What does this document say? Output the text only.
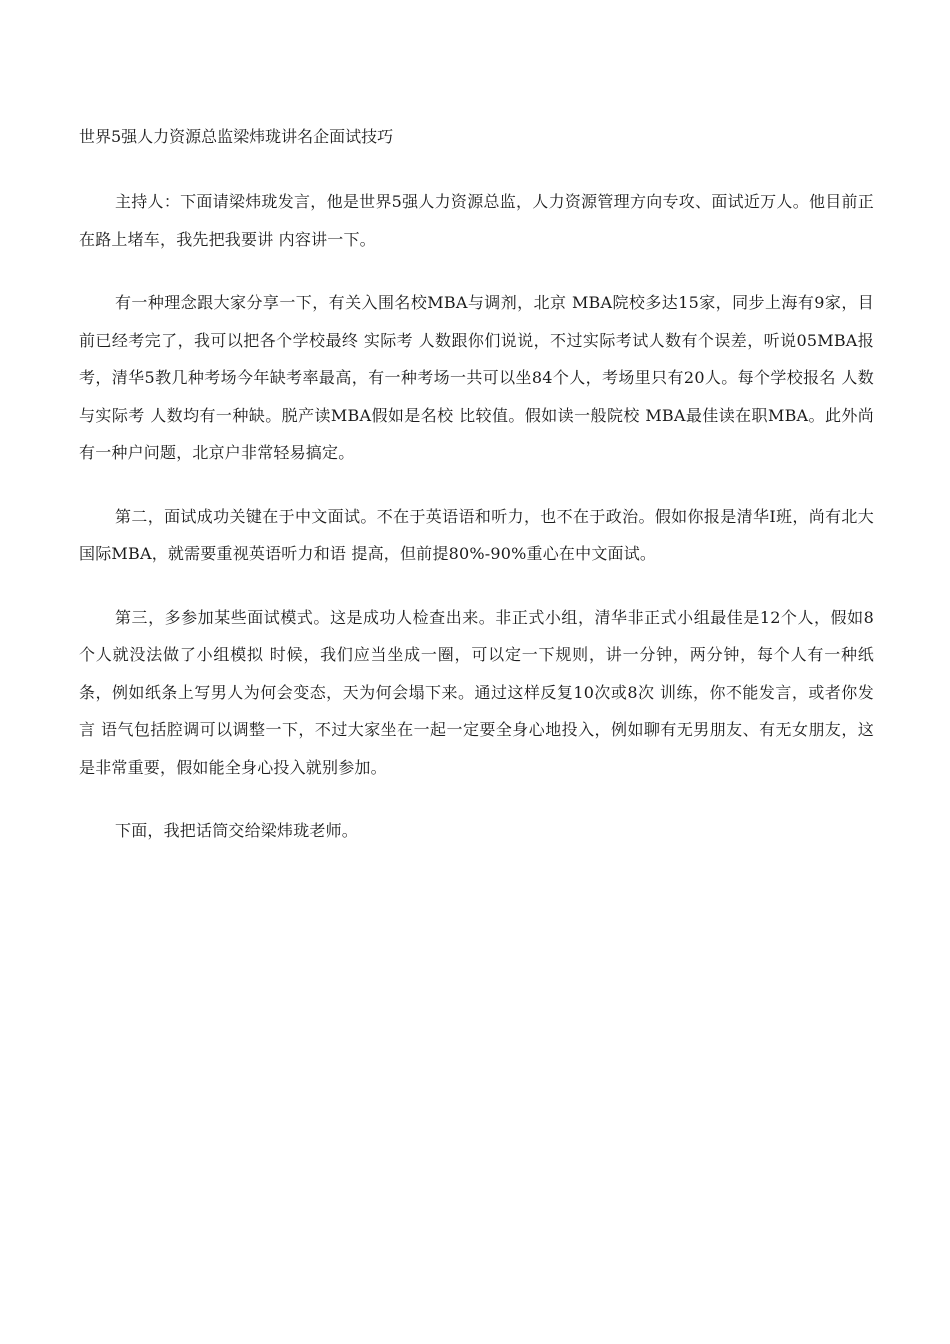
世界5强人力资源总监梁炜珑讲名企面试技巧

主持人：下面请梁炜珑发言，他是世界5强人力资源总监，人力资源管理方向专攻、面试近万人。他目前正在路上堵车，我先把我要讲 内容讲一下。

有一种理念跟大家分享一下，有关入围名校MBA与调剂，北京 MBA院校多达15家，同步上海有9家，目前已经考完了，我可以把各个学校最终 实际考 人数跟你们说说，不过实际考试人数有个误差，听说05MBA报考，清华5教几种考场今年缺考率最高，有一种考场一共可以坐84个人，考场里只有20人。每个学校报名 人数与实际考 人数均有一种缺。脱产读MBA假如是名校 比较值。假如读一般院校 MBA最佳读在职MBA。此外尚有一种户问题，北京户非常轻易搞定。

第二，面试成功关键在于中文面试。不在于英语语和听力，也不在于政治。假如你报是清华I班，尚有北大 国际MBA，就需要重视英语听力和语 提高，但前提80%-90%重心在中文面试。

第三，多参加某些面试模式。这是成功人检查出来。非正式小组，清华非正式小组最佳是12个人，假如8个人就没法做了小组模拟 时候，我们应当坐成一圈，可以定一下规则，讲一分钟，两分钟，每个人有一种纸条，例如纸条上写男人为何会变态，天为何会塌下来。通过这样反复10次或8次 训练，你不能发言，或者你发言 语气包括腔调可以调整一下，不过大家坐在一起一定要全身心地投入，例如聊有无男朋友、有无女朋友，这是非常重要，假如能全身心投入就别参加。

下面，我把话筒交给梁炜珑老师。
